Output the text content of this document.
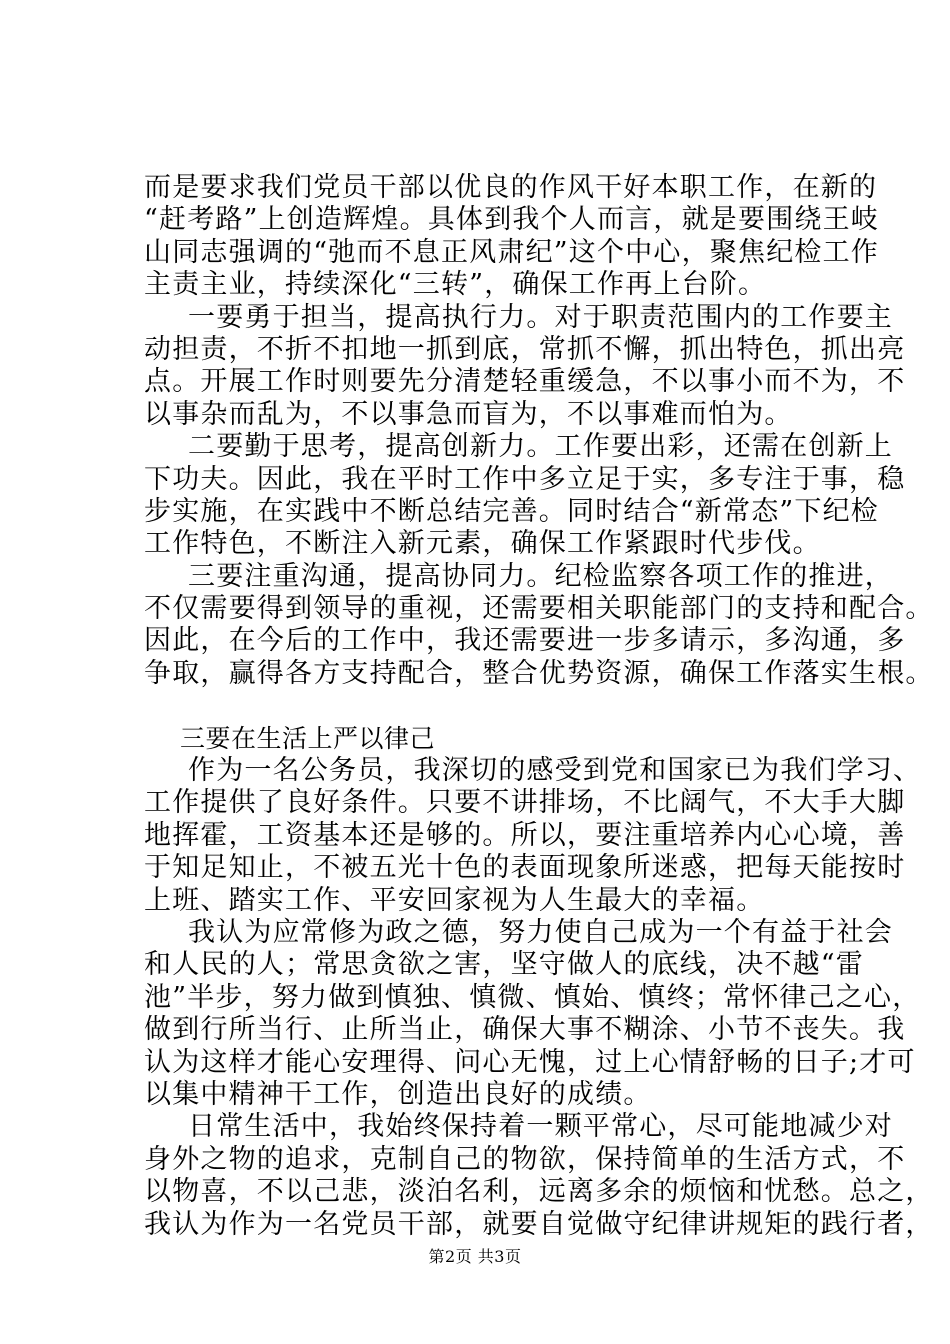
而是要求我们党员干部以优良的作风干好本职工作，在新的
“赶考路”上创造辉煌。具体到我个人而言，就是要围绕王岐
山同志强调的“弛而不息正风肃纪”这个中心，聚焦纪检工作
主责主业，持续深化“三转”，确保工作再上台阶。
一要勇于担当，提高执行力。对于职责范围内的工作要主
动担责，不折不扣地一抓到底，常抓不懈，抓出特色，抓出亮
点。开展工作时则要先分清楚轻重缓急，不以事小而不为，不
以事杂而乱为，不以事急而盲为，不以事难而怕为。
二要勤于思考，提高创新力。工作要出彩，还需在创新上
下功夫。因此，我在平时工作中多立足于实，多专注于事，稳
步实施，在实践中不断总结完善。同时结合“新常态”下纪检
工作特色，不断注入新元素，确保工作紧跟时代步伐。
三要注重沟通，提高协同力。纪检监察各项工作的推进，
不仅需要得到领导的重视，还需要相关职能部门的支持和配合。
因此，在今后的工作中，我还需要进一步多请示，多沟通，多
争取，赢得各方支持配合，整合优势资源，确保工作落实生根。
三要在生活上严以律己
作为一名公务员，我深切的感受到党和国家已为我们学习、
工作提供了良好条件。只要不讲排场，不比阔气，不大手大脚
地挥霍，工资基本还是够的。所以，要注重培养内心心境，善
于知足知止，不被五光十色的表面现象所迷惑，把每天能按时
上班、踏实工作、平安回家视为人生最大的幸福。
我认为应常修为政之德，努力使自己成为一个有益于社会
和人民的人；常思贪欲之害，坚守做人的底线，决不越“雷
池”半步，努力做到慎独、慎微、慎始、慎终；常怀律己之心，
做到行所当行、止所当止，确保大事不糊涂、小节不丧失。我
认为这样才能心安理得、问心无愧，过上心情舒畅的日子;才可
以集中精神干工作，创造出良好的成绩。
日常生活中，我始终保持着一颗平常心，尽可能地减少对
身外之物的追求，克制自己的物欲，保持简单的生活方式，不
以物喜，不以己悲，淡泊名利，远离多余的烦恼和忧愁。总之，
我认为作为一名党员干部，就要自觉做守纪律讲规矩的践行者，
第2页 共3页
